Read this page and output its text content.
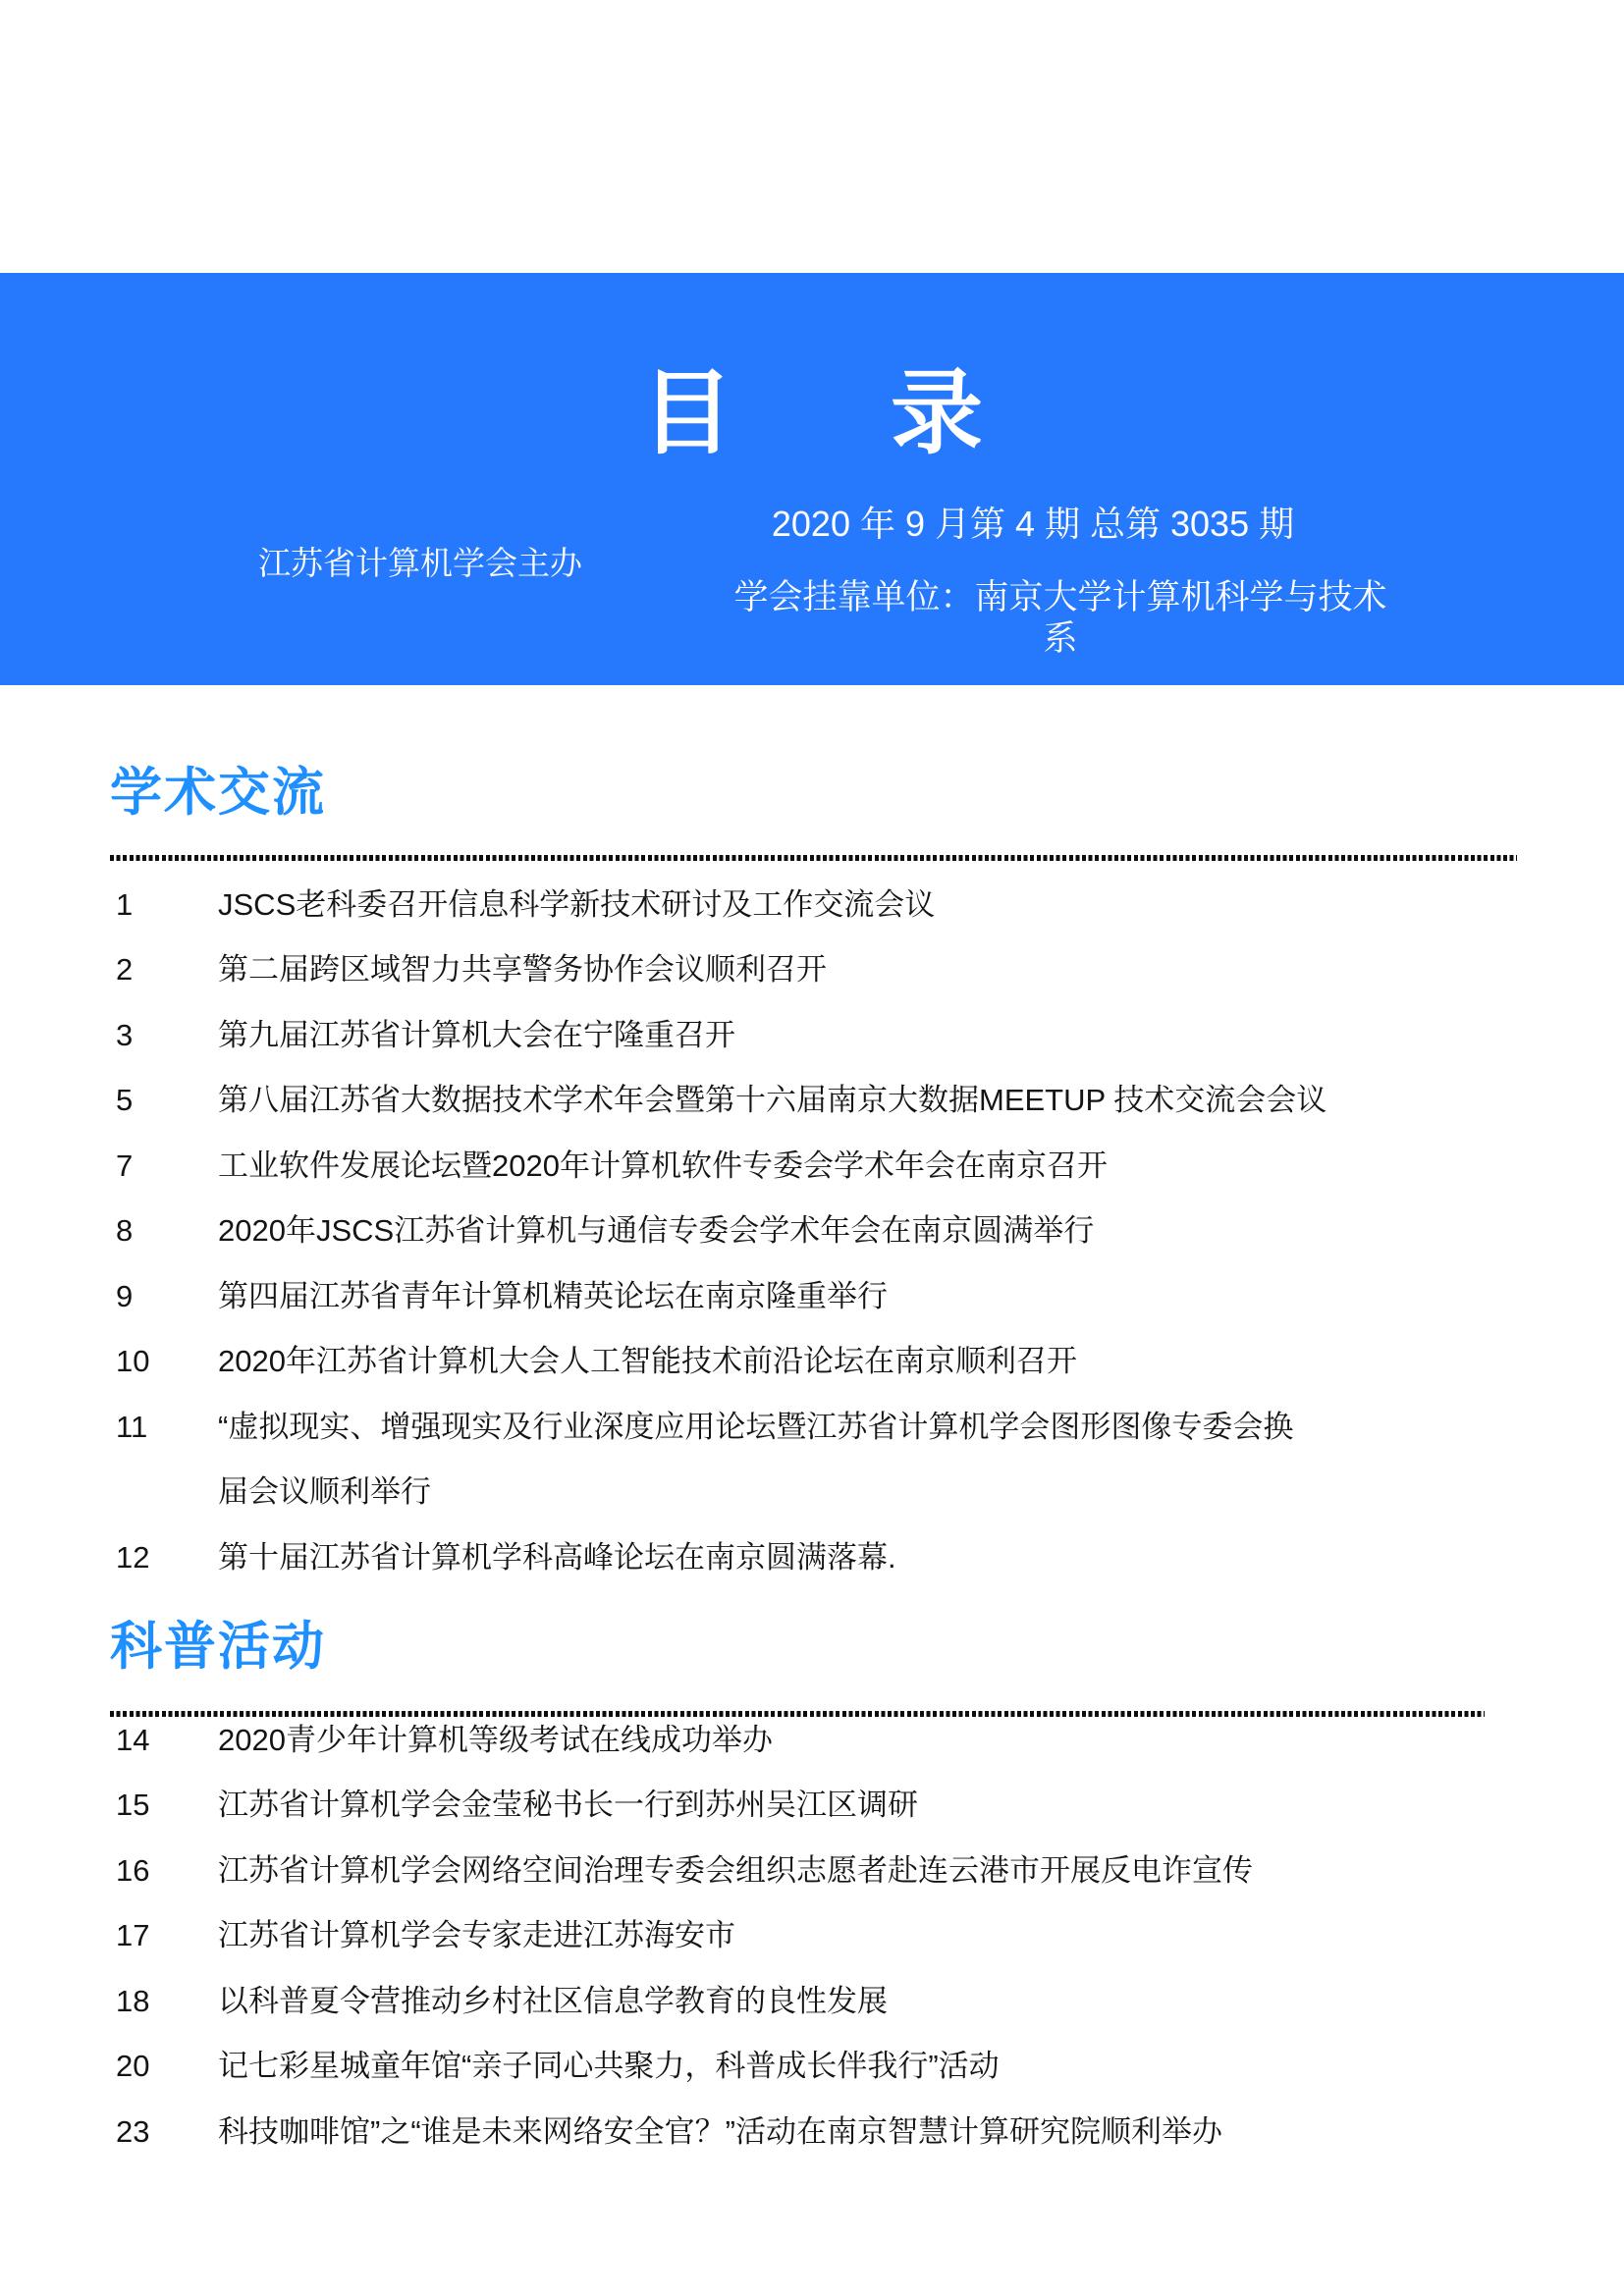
目 录
2020 年 9 月第 4 期 总第 3035 期
江苏省计算机学会主办
学会挂靠单位：南京大学计算机科学与技术系
学术交流
1	JSCS老科委召开信息科学新技术研讨及工作交流会议
2	第二届跨区域智力共享警务协作会议顺利召开
3	第九届江苏省计算机大会在宁隆重召开
5	第八届江苏省大数据技术学术年会暨第十六届南京大数据MEETUP 技术交流会会议
7	工业软件发展论坛暨2020年计算机软件专委会学术年会在南京召开
8	2020年JSCS江苏省计算机与通信专委会学术年会在南京圆满举行
9	第四届江苏省青年计算机精英论坛在南京隆重举行
10	2020年江苏省计算机大会人工智能技术前沿论坛在南京顺利召开
11	“虚拟现实、增强现实及行业深度应用论坛暨江苏省计算机学会图形图像专委会换
届会议顺利举行
12	第十届江苏省计算机学科高峰论坛在南京圆满落幕.
科普活动
14	2020青少年计算机等级考试在线成功举办
15	江苏省计算机学会金莹秘书长一行到苏州吴江区调研
16	江苏省计算机学会网络空间治理专委会组织志愿者赴连云港市开展反电诈宣传
17	江苏省计算机学会专家走进江苏海安市
18	以科普夏令营推动乡村社区信息学教育的良性发展
20	记七彩星城童年馆“亲子同心共聚力，科普成长伴我行”活动
23	科技咖啡馆”之“谁是未来网络安全官？”活动在南京智慧计算研究院顺利举办
